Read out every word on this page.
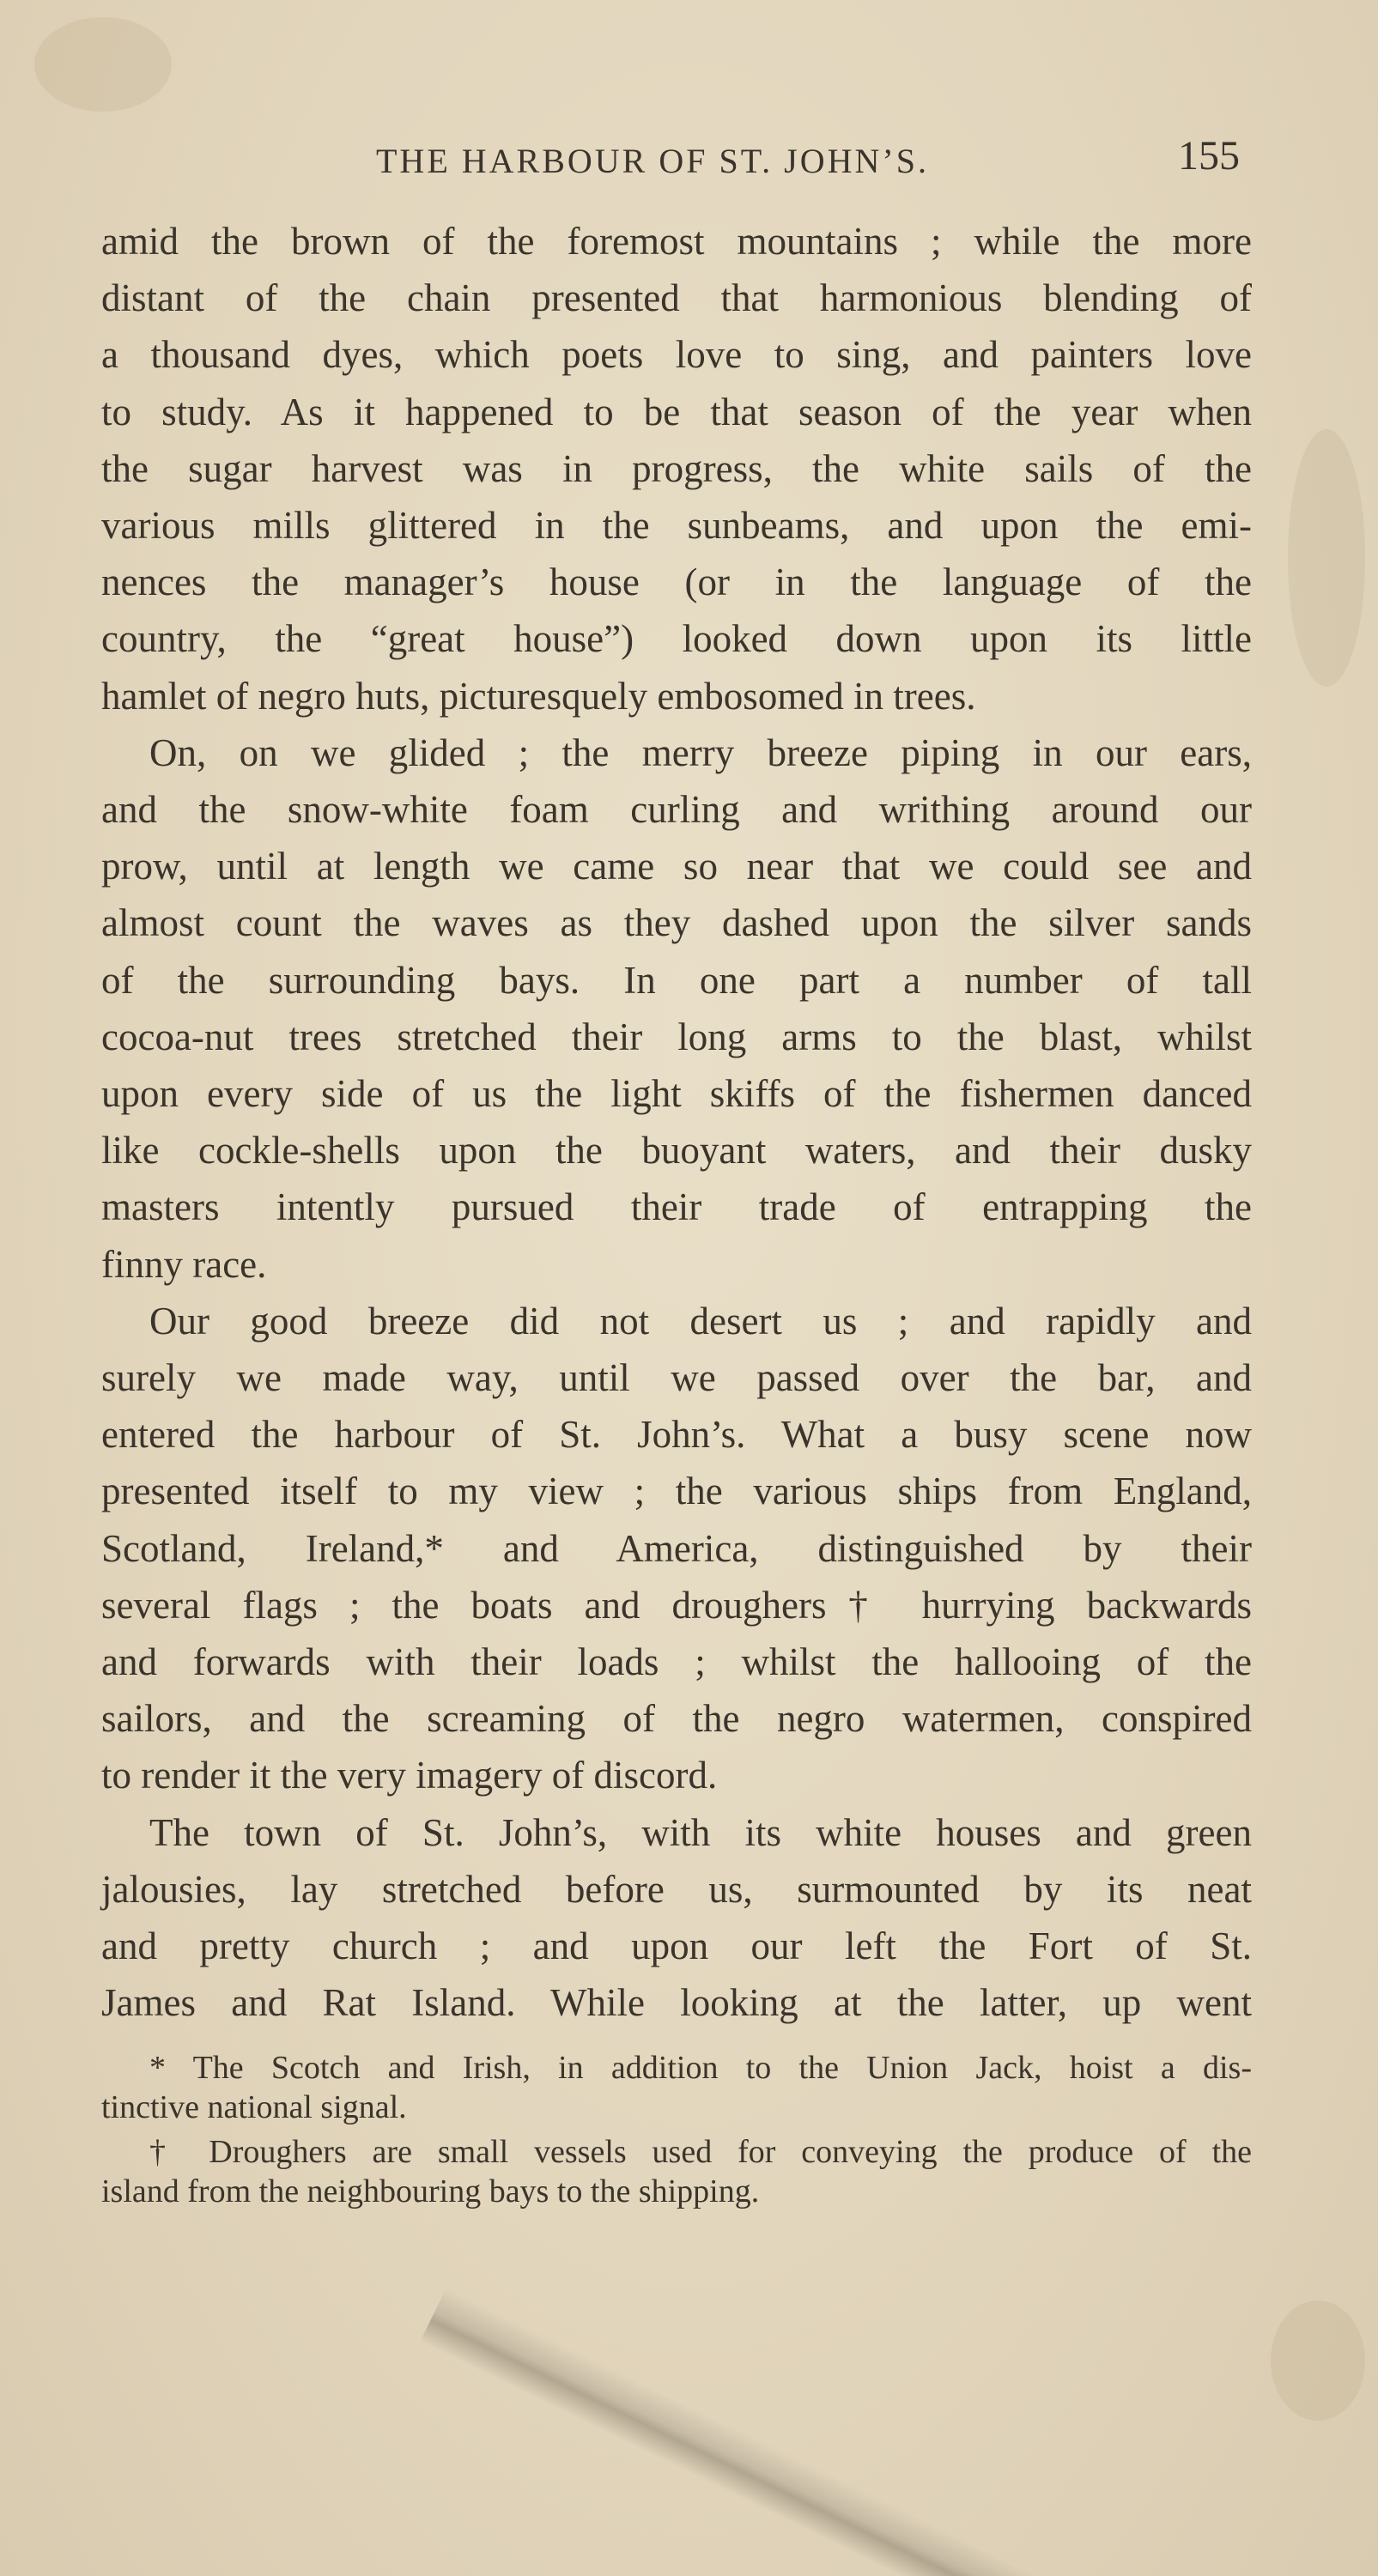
THE HARBOUR OF ST. JOHN’S.	155
amid the brown of the foremost mountains ; while the more
distant of the chain presented that harmonious blending of
a thousand dyes, which poets love to sing, and painters love
to study. As it happened to be that season of the year when
the sugar harvest was in progress, the white sails of the
various mills glittered in the sunbeams, and upon the emi-
nences the manager’s house (or in the language of the
country, the “great house”) looked down upon its little
hamlet of negro huts, picturesquely embosomed in trees.
On, on we glided ; the merry breeze piping in our ears,
and the snow-white foam curling and writhing around our
prow, until at length we came so near that we could see and
almost count the waves as they dashed upon the silver sands
of the surrounding bays. In one part a number of tall
cocoa-nut trees stretched their long arms to the blast, whilst
upon every side of us the light skiffs of the fishermen danced
like cockle-shells upon the buoyant waters, and their dusky
masters intently pursued their trade of entrapping the
finny race.
Our good breeze did not desert us ; and rapidly and
surely we made way, until we passed over the bar, and
entered the harbour of St. John’s. What a busy scene now
presented itself to my view ; the various ships from England,
Scotland, Ireland,* and America, distinguished by their
several flags ; the boats and droughers† hurrying backwards
and forwards with their loads ; whilst the hallooing of the
sailors, and the screaming of the negro watermen, conspired
to render it the very imagery of discord.
The town of St. John’s, with its white houses and green
jalousies, lay stretched before us, surmounted by its neat
and pretty church ; and upon our left the Fort of St.
James and Rat Island. While looking at the latter, up went
* The Scotch and Irish, in addition to the Union Jack, hoist a dis-
tinctive national signal.
† Droughers are small vessels used for conveying the produce of the
island from the neighbouring bays to the shipping.
